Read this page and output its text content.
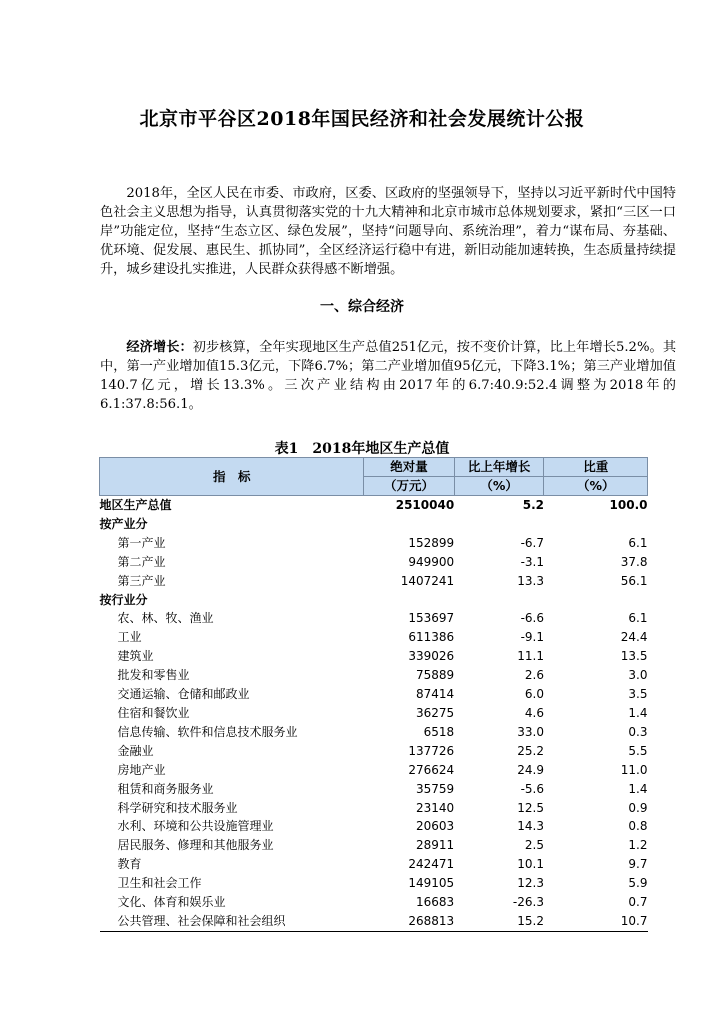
北京市平谷区2018年国民经济和社会发展统计公报
2018年，全区人民在市委、市政府，区委、区政府的坚强领导下，坚持以习近平新时代中国特色社会主义思想为指导，认真贯彻落实党的十九大精神和北京市城市总体规划要求，紧扣“三区一口岸”功能定位，坚持“生态立区、绿色发展”，坚持“问题导向、系统治理”，着力“谋布局、夯基础、优环境、促发展、惠民生、抓协同”，全区经济运行稳中有进，新旧动能加速转换，生态质量持续提升，城乡建设扎实推进，人民群众获得感不断增强。
一、综合经济
经济增长：初步核算，全年实现地区生产总值251亿元，按不变价计算，比上年增长5.2%。其中，第一产业增加值15.3亿元，下降6.7%；第二产业增加值95亿元，下降3.1%；第三产业增加值140.7亿元，增长13.3%。三次产业结构由2017年的6.7:40.9:52.4调整为2018年的6.1:37.8:56.1。
表1　2018年地区生产总值
指　标	绝对量	比上年增长	比重
	（万元）	（%）	（%）
地区生产总值	2510040	5.2	100.0
按产业分			
第一产业	152899	-6.7	6.1
第二产业	949900	-3.1	37.8
第三产业	1407241	13.3	56.1
按行业分			
农、林、牧、渔业	153697	-6.6	6.1
工业	611386	-9.1	24.4
建筑业	339026	11.1	13.5
批发和零售业	75889	2.6	3.0
交通运输、仓储和邮政业	87414	6.0	3.5
住宿和餐饮业	36275	4.6	1.4
信息传输、软件和信息技术服务业	6518	33.0	0.3
金融业	137726	25.2	5.5
房地产业	276624	24.9	11.0
租赁和商务服务业	35759	-5.6	1.4
科学研究和技术服务业	23140	12.5	0.9
水利、环境和公共设施管理业	20603	14.3	0.8
居民服务、修理和其他服务业	28911	2.5	1.2
教育	242471	10.1	9.7
卫生和社会工作	149105	12.3	5.9
文化、体育和娱乐业	16683	-26.3	0.7
公共管理、社会保障和社会组织	268813	15.2	10.7
